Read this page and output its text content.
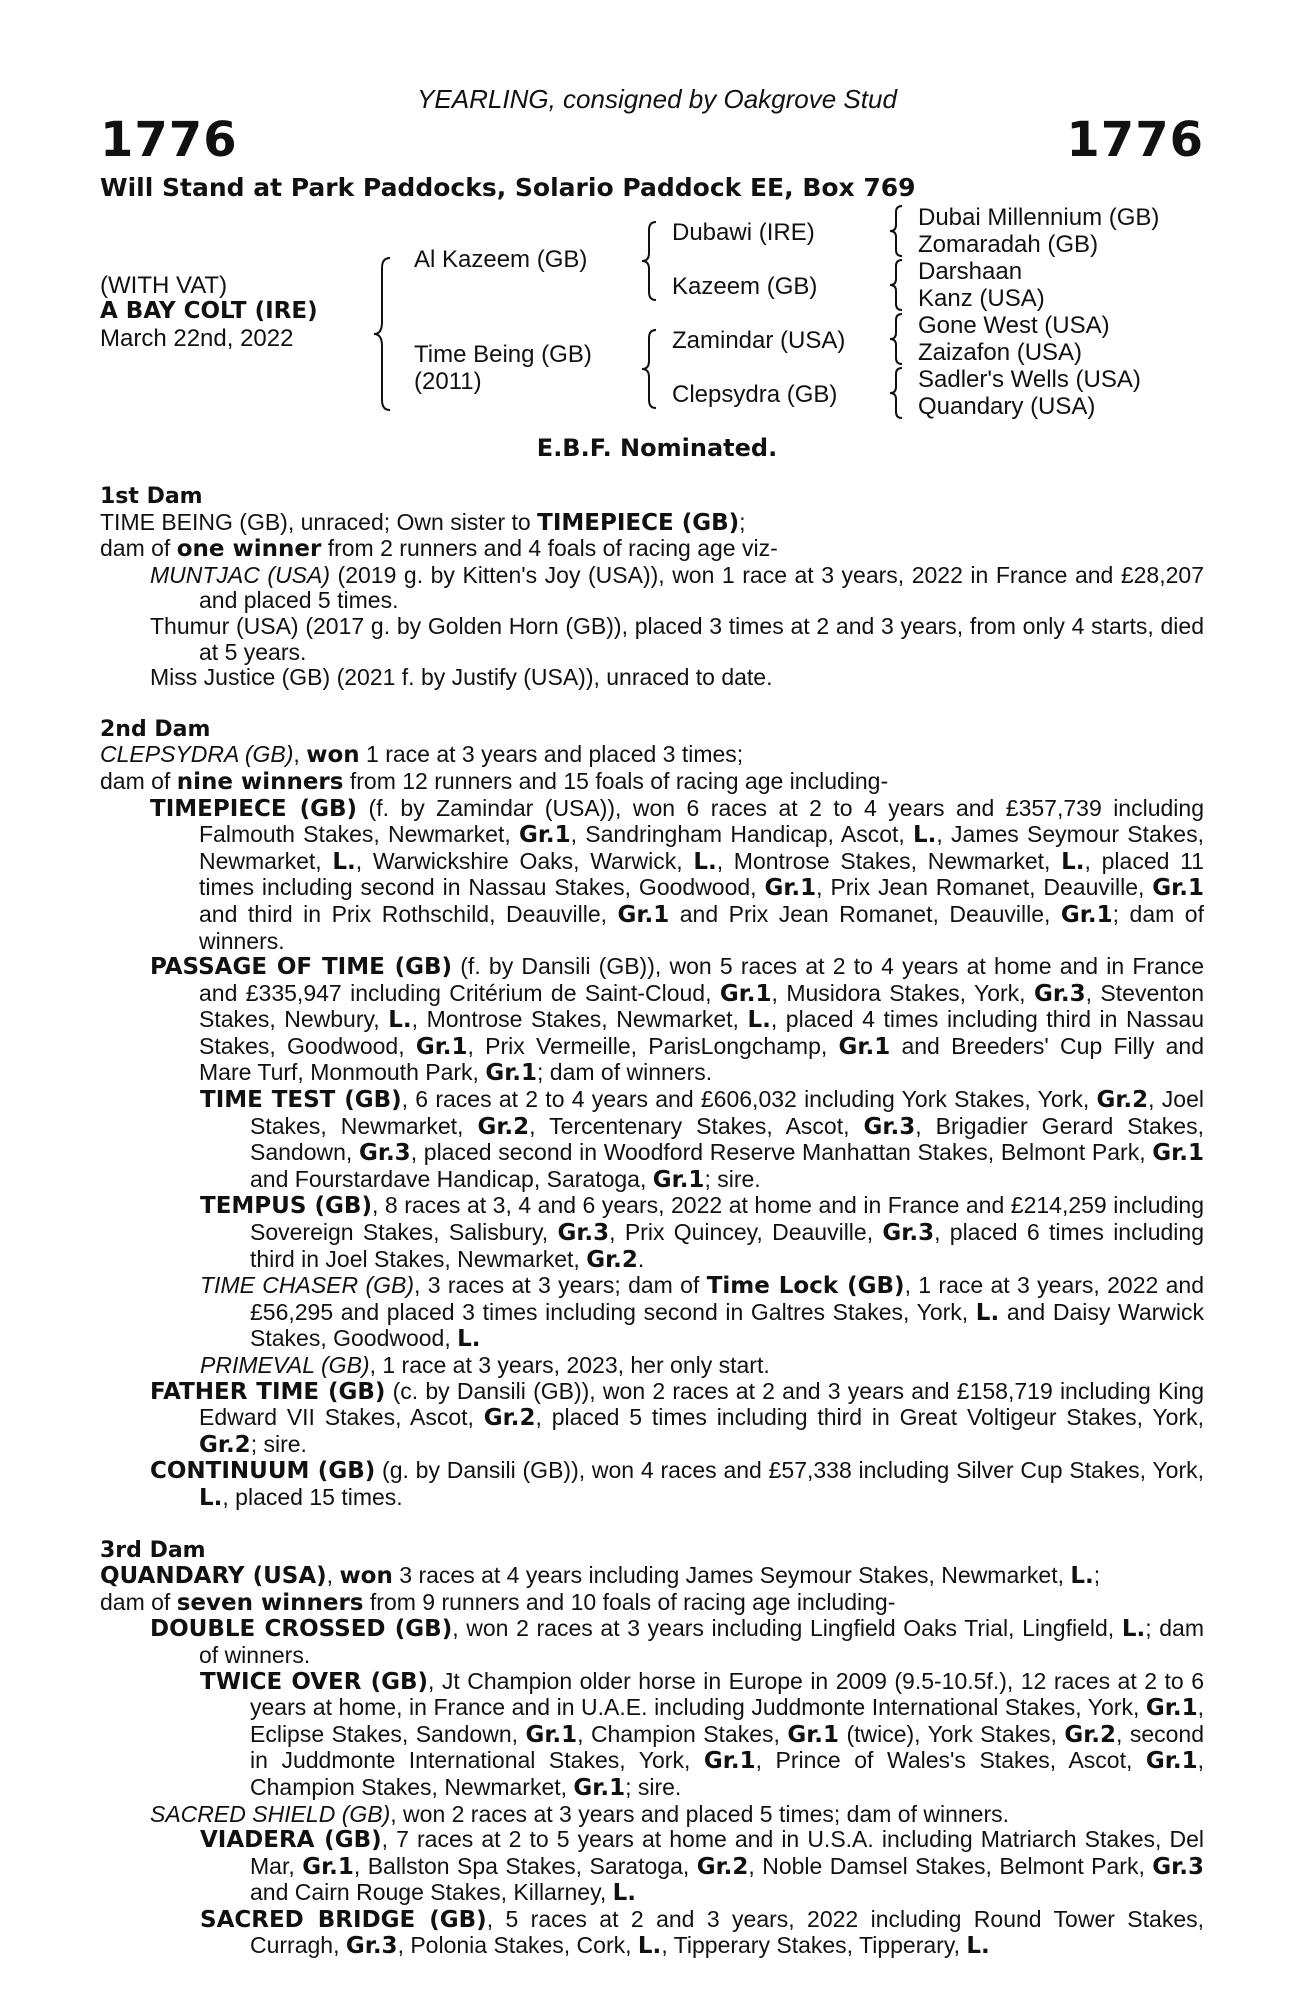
YEARLING, consigned by Oakgrove Stud
1776	1776
Will Stand at Park Paddocks, Solario Paddock EE, Box 769
(WITH VAT)
A BAY COLT (IRE)
March 22nd, 2022
Al Kazeem (GB)
Time Being (GB)
(2011)
Dubawi (IRE)
Kazeem (GB)
Zamindar (USA)
Clepsydra (GB)
Dubai Millennium (GB)
Zomaradah (GB)
Darshaan
Kanz (USA)
Gone West (USA)
Zaizafon (USA)
Sadler's Wells (USA)
Quandary (USA)
E.B.F. Nominated.
1st Dam
TIME BEING (GB), unraced; Own sister to TIMEPIECE (GB);
dam of one winner from 2 runners and 4 foals of racing age viz-
MUNTJAC (USA) (2019 g. by Kitten's Joy (USA)), won 1 race at 3 years, 2022 in France and £28,207 and placed 5 times.
Thumur (USA) (2017 g. by Golden Horn (GB)), placed 3 times at 2 and 3 years, from only 4 starts, died at 5 years.
Miss Justice (GB) (2021 f. by Justify (USA)), unraced to date.
2nd Dam
CLEPSYDRA (GB), won 1 race at 3 years and placed 3 times;
dam of nine winners from 12 runners and 15 foals of racing age including-
TIMEPIECE (GB) (f. by Zamindar (USA)), won 6 races at 2 to 4 years and £357,739 including Falmouth Stakes, Newmarket, Gr.1, Sandringham Handicap, Ascot, L., James Seymour Stakes, Newmarket, L., Warwickshire Oaks, Warwick, L., Montrose Stakes, Newmarket, L., placed 11 times including second in Nassau Stakes, Goodwood, Gr.1, Prix Jean Romanet, Deauville, Gr.1 and third in Prix Rothschild, Deauville, Gr.1 and Prix Jean Romanet, Deauville, Gr.1; dam of winners.
PASSAGE OF TIME (GB) (f. by Dansili (GB)), won 5 races at 2 to 4 years at home and in France and £335,947 including Critérium de Saint-Cloud, Gr.1, Musidora Stakes, York, Gr.3, Steventon Stakes, Newbury, L., Montrose Stakes, Newmarket, L., placed 4 times including third in Nassau Stakes, Goodwood, Gr.1, Prix Vermeille, ParisLongchamp, Gr.1 and Breeders' Cup Filly and Mare Turf, Monmouth Park, Gr.1; dam of winners.
TIME TEST (GB), 6 races at 2 to 4 years and £606,032 including York Stakes, York, Gr.2, Joel Stakes, Newmarket, Gr.2, Tercentenary Stakes, Ascot, Gr.3, Brigadier Gerard Stakes, Sandown, Gr.3, placed second in Woodford Reserve Manhattan Stakes, Belmont Park, Gr.1 and Fourstardave Handicap, Saratoga, Gr.1; sire.
TEMPUS (GB), 8 races at 3, 4 and 6 years, 2022 at home and in France and £214,259 including Sovereign Stakes, Salisbury, Gr.3, Prix Quincey, Deauville, Gr.3, placed 6 times including third in Joel Stakes, Newmarket, Gr.2.
TIME CHASER (GB), 3 races at 3 years; dam of Time Lock (GB), 1 race at 3 years, 2022 and £56,295 and placed 3 times including second in Galtres Stakes, York, L. and Daisy Warwick Stakes, Goodwood, L.
PRIMEVAL (GB), 1 race at 3 years, 2023, her only start.
FATHER TIME (GB) (c. by Dansili (GB)), won 2 races at 2 and 3 years and £158,719 including King Edward VII Stakes, Ascot, Gr.2, placed 5 times including third in Great Voltigeur Stakes, York, Gr.2; sire.
CONTINUUM (GB) (g. by Dansili (GB)), won 4 races and £57,338 including Silver Cup Stakes, York, L., placed 15 times.
3rd Dam
QUANDARY (USA), won 3 races at 4 years including James Seymour Stakes, Newmarket, L.;
dam of seven winners from 9 runners and 10 foals of racing age including-
DOUBLE CROSSED (GB), won 2 races at 3 years including Lingfield Oaks Trial, Lingfield, L.; dam of winners.
TWICE OVER (GB), Jt Champion older horse in Europe in 2009 (9.5-10.5f.), 12 races at 2 to 6 years at home, in France and in U.A.E. including Juddmonte International Stakes, York, Gr.1, Eclipse Stakes, Sandown, Gr.1, Champion Stakes, Gr.1 (twice), York Stakes, Gr.2, second in Juddmonte International Stakes, York, Gr.1, Prince of Wales's Stakes, Ascot, Gr.1, Champion Stakes, Newmarket, Gr.1; sire.
SACRED SHIELD (GB), won 2 races at 3 years and placed 5 times; dam of winners.
VIADERA (GB), 7 races at 2 to 5 years at home and in U.S.A. including Matriarch Stakes, Del Mar, Gr.1, Ballston Spa Stakes, Saratoga, Gr.2, Noble Damsel Stakes, Belmont Park, Gr.3 and Cairn Rouge Stakes, Killarney, L.
SACRED BRIDGE (GB), 5 races at 2 and 3 years, 2022 including Round Tower Stakes, Curragh, Gr.3, Polonia Stakes, Cork, L., Tipperary Stakes, Tipperary, L.
